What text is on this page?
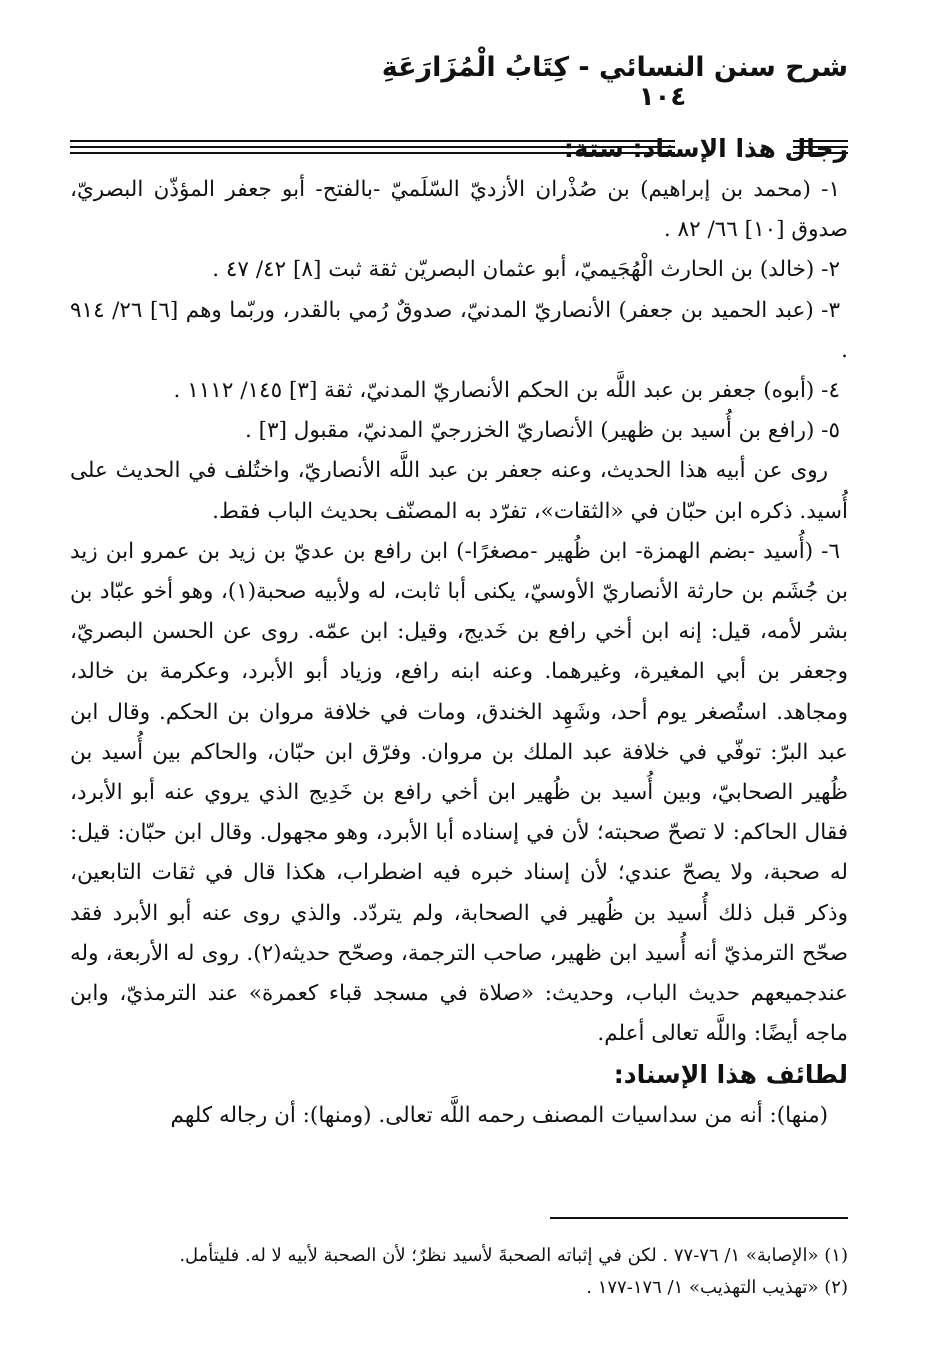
شرح سنن النسائي - كِتَابُ الْمُزَارَعَةِ
١٠٤

رجال هذا الإسناد: ستة:

١- (محمد بن إبراهيم) بن صُذْران الأزديّ السّلَميّ -بالفتح- أبو جعفر المؤذّن البصريّ، صدوق [١٠] ٦٦/ ٨٢ .

٢- (خالد) بن الحارث الْهُجَيميّ، أبو عثمان البصريّن ثقة ثبت [٨] ٤٢/ ٤٧ .

٣- (عبد الحميد بن جعفر) الأنصاريّ المدنيّ، صدوقٌ رُمي بالقدر، وربّما وهم [٦] ٢٦/ ٩١٤ .

٤- (أبوه) جعفر بن عبد اللَّه بن الحكم الأنصاريّ المدنيّ، ثقة [٣] ١٤٥/ ١١١٢ .

٥- (رافع بن أُسيد بن ظهير) الأنصاريّ الخزرجيّ المدنيّ، مقبول [٣] .

روى عن أبيه هذا الحديث، وعنه جعفر بن عبد اللَّه الأنصاريّ، واختُلف في الحديث على أُسيد. ذكره ابن حبّان في «الثقات»، تفرّد به المصنّف بحديث الباب فقط.

٦- (أُسيد -بضم الهمزة- ابن ظُهير -مصغرًا-) ابن رافع بن عديّ بن زيد بن عمرو ابن زيد بن جُشَم بن حارثة الأنصاريّ الأوسيّ، يكنى أبا ثابت، له ولأبيه صحبة(١)، وهو أخو عبّاد بن بشر لأمه، قيل: إنه ابن أخي رافع بن خَديج، وقيل: ابن عمّه. روى عن الحسن البصريّ، وجعفر بن أبي المغيرة، وغيرهما. وعنه ابنه رافع، وزياد أبو الأبرد، وعكرمة بن خالد، ومجاهد. استُصغر يوم أحد، وشَهِد الخندق، ومات في خلافة مروان بن الحكم. وقال ابن عبد البرّ: توفّي في خلافة عبد الملك بن مروان. وفرّق ابن حبّان، والحاكم بين أُسيد بن ظُهير الصحابيّ، وبين أُسيد بن ظُهير ابن أخي رافع بن خَدِيج الذي يروي عنه أبو الأبرد، فقال الحاكم: لا تصحّ صحبته؛ لأن في إسناده أبا الأبرد، وهو مجهول. وقال ابن حبّان: قيل: له صحبة، ولا يصحّ عندي؛ لأن إسناد خبره فيه اضطراب، هكذا قال في ثقات التابعين، وذكر قبل ذلك أُسيد بن ظُهير في الصحابة، ولم يتردّد. والذي روى عنه أبو الأبرد فقد صحّح الترمذيّ أنه أُسيد ابن ظهير، صاحب الترجمة، وصحّح حديثه(٢). روى له الأربعة، وله عندجميعهم حديث الباب، وحديث: «صلاة في مسجد قباء كعمرة» عند الترمذيّ، وابن ماجه أيضًا: واللَّه تعالى أعلم.

لطائف هذا الإسناد:

(منها): أنه من سداسيات المصنف رحمه اللَّه تعالى. (ومنها): أن رجاله كلهم

(١) «الإصابة» ١/ ٧٦-٧٧ . لكن في إثباته الصحبةَ لأسيد نظرٌ؛ لأن الصحبة لأبيه لا له. فليتأمل.

(٢) «تهذيب التهذيب» ١/ ١٧٦-١٧٧ .
